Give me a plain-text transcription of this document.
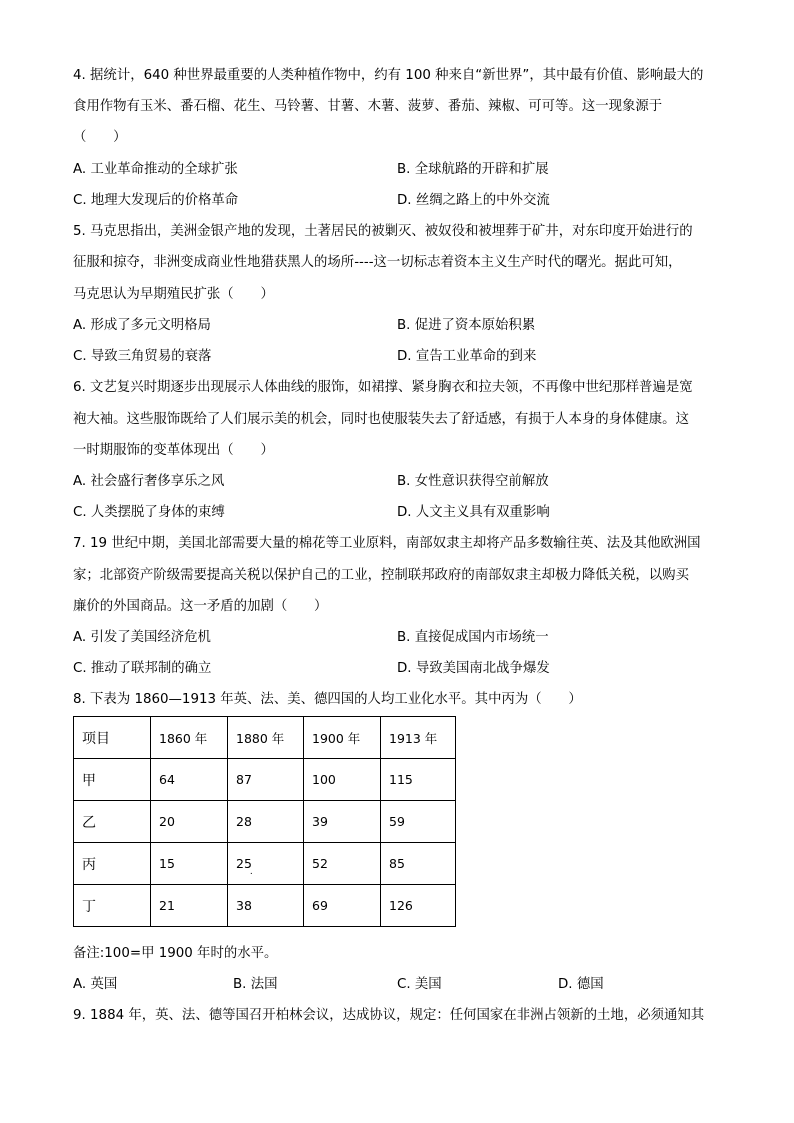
4. 据统计，640 种世界最重要的人类种植作物中，约有 100 种来自“新世界”，其中最有价值、影响最大的
食用作物有玉米、番石榴、花生、马铃薯、甘薯、木薯、菠萝、番茄、辣椒、可可等。这一现象源于
（　　）
A. 工业革命推动的全球扩张	B. 全球航路的开辟和扩展
C. 地理大发现后的价格革命	D. 丝绸之路上的中外交流
5. 马克思指出，美洲金银产地的发现，土著居民的被剿灭、被奴役和被埋葬于矿井，对东印度开始进行的
征服和掠夺，非洲变成商业性地猎获黑人的场所----这一切标志着资本主义生产时代的曙光。据此可知，
马克思认为早期殖民扩张（　　）
A. 形成了多元文明格局	B. 促进了资本原始积累
C. 导致三角贸易的衰落	D. 宣告工业革命的到来
6. 文艺复兴时期逐步出现展示人体曲线的服饰，如裙撑、紧身胸衣和拉夫领，不再像中世纪那样普遍是宽
袍大袖。这些服饰既给了人们展示美的机会，同时也使服装失去了舒适感，有损于人本身的身体健康。这
一时期服饰的变革体现出（　　）
A. 社会盛行奢侈享乐之风	B. 女性意识获得空前解放
C. 人类摆脱了身体的束缚	D. 人文主义具有双重影响
7. 19 世纪中期，美国北部需要大量的棉花等工业原料，南部奴隶主却将产品多数输往英、法及其他欧洲国
家；北部资产阶级需要提高关税以保护自己的工业，控制联邦政府的南部奴隶主却极力降低关税，以购买
廉价的外国商品。这一矛盾的加剧（　　）
A. 引发了美国经济危机	B. 直接促成国内市场统一
C. 推动了联邦制的确立	D. 导致美国南北战争爆发
8. 下表为 1860—1913 年英、法、美、德四国的人均工业化水平。其中丙为（　　）
项目	1860 年	1880 年	1900 年	1913 年
甲	64	87	100	115
乙	20	28	39	59
丙	15	$25_.$	52	85
丁	21	38	69	126
备注:100=甲 1900 年时的水平。
A. 英国	B. 法国	C. 美国	D. 德国
9. 1884 年，英、法、德等国召开柏林会议，达成协议，规定：任何国家在非洲占领新的土地，必须通知其
